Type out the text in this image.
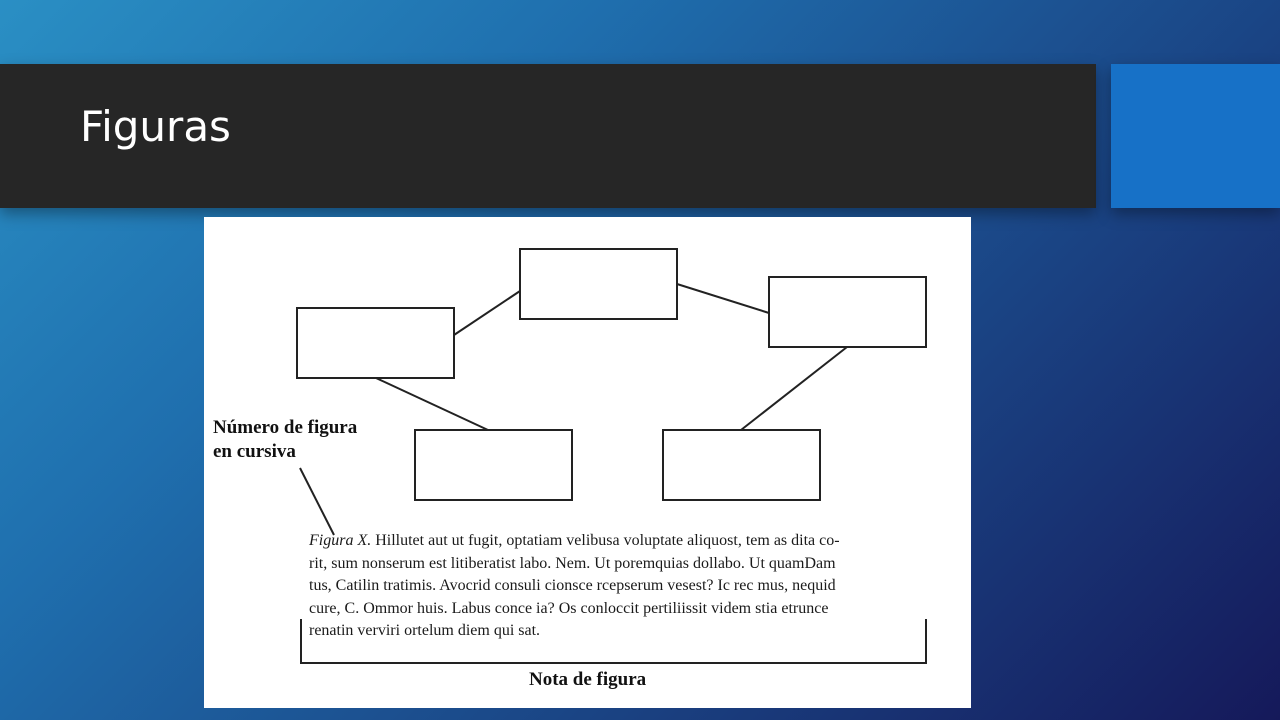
Figuras
Número de figura
en cursiva
Figura X. Hillutet aut ut fugit, optatiam velibusa voluptate aliquost, tem as dita co-
rit, sum nonserum est litiberatist labo. Nem. Ut poremquias dollabo. Ut quamDam
tus, Catilin tratimis. Avocrid consuli cionsce rcepserum vesest? Ic rec mus, nequid
cure, C. Ommor huis. Labus conce ia? Os conloccit pertiliissit videm stia etrunce
renatin verviri ortelum diem qui sat.
Nota de figura
